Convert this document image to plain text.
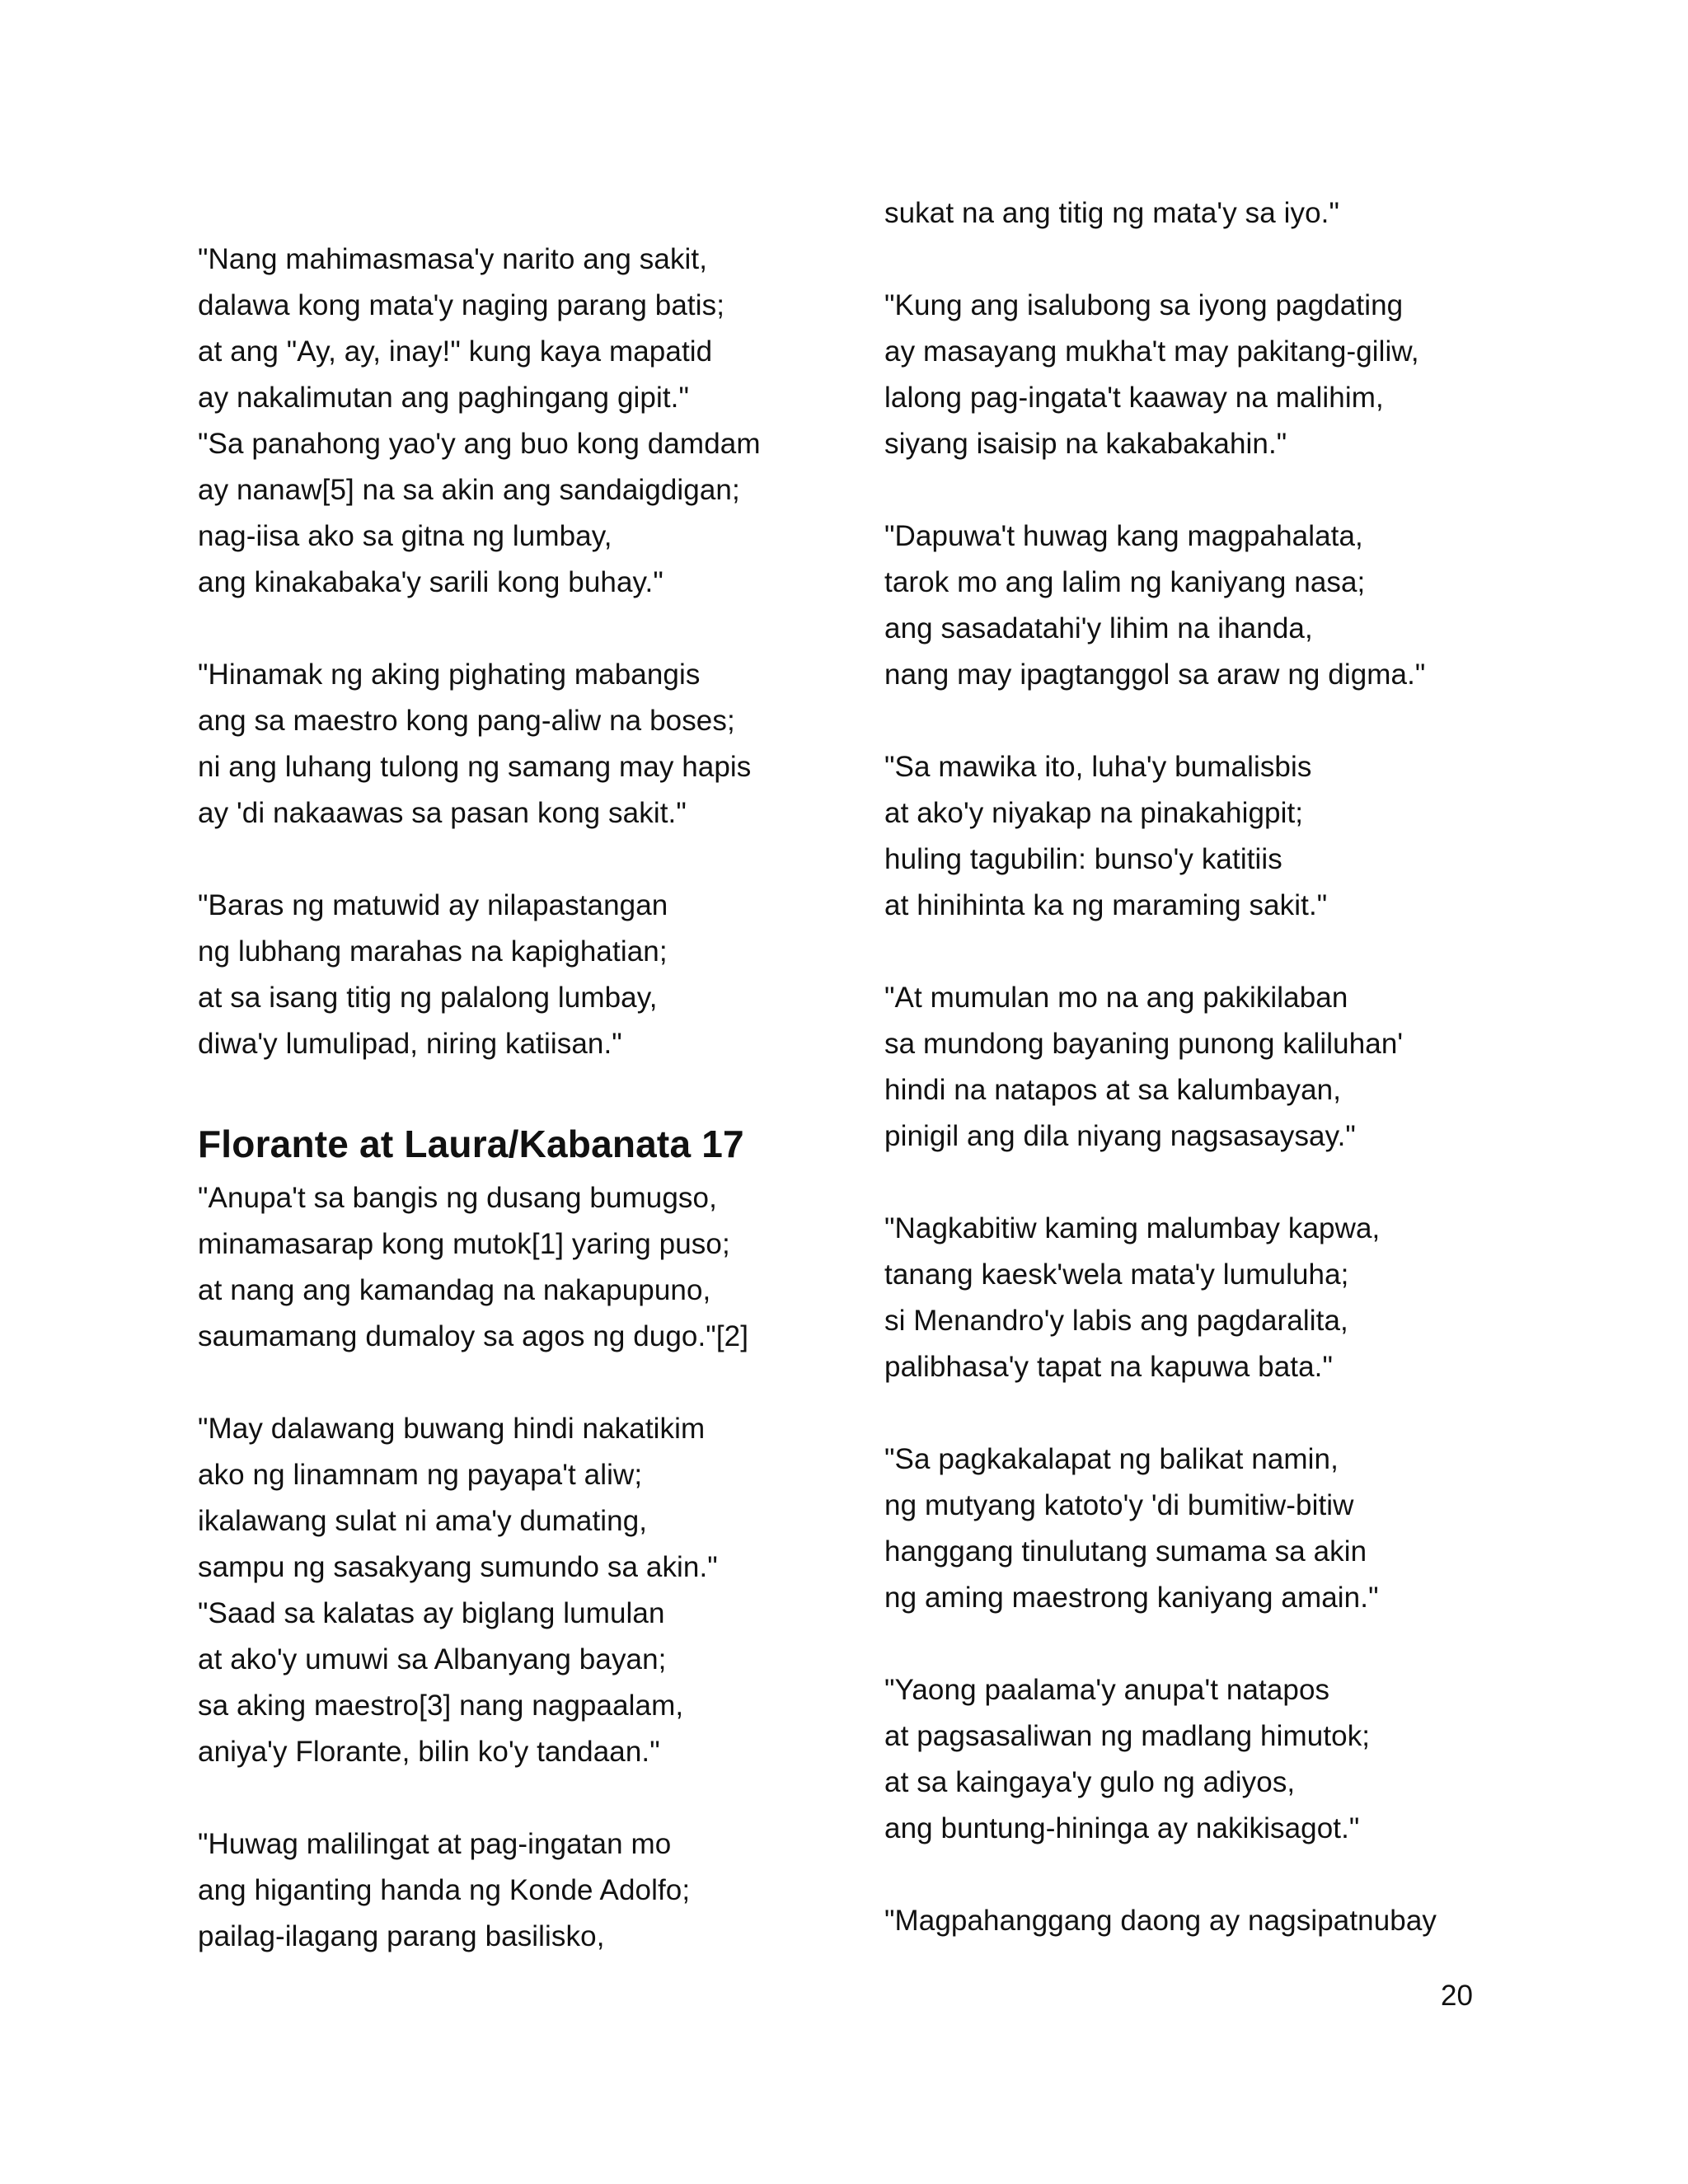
"Nang mahimasmasa'y narito ang sakit,
dalawa kong mata'y naging parang batis;
at ang "Ay, ay, inay!" kung kaya mapatid
ay nakalimutan ang paghingang gipit."
"Sa panahong yao'y ang buo kong damdam
ay nanaw[5] na sa akin ang sandaigdigan;
nag-iisa ako sa gitna ng lumbay,
ang kinakabaka'y sarili kong buhay."
"Hinamak ng aking pighating mabangis
ang sa maestro kong pang-aliw na boses;
ni ang luhang tulong ng samang may hapis
ay 'di nakaawas sa pasan kong sakit."
"Baras ng matuwid ay nilapastangan
ng lubhang marahas na kapighatian;
at sa isang titig ng palalong lumbay,
diwa'y lumulipad, niring katiisan."
Florante at Laura/Kabanata 17
"Anupa't sa bangis ng dusang bumugso,
minamasarap kong mutok[1] yaring puso;
at nang ang kamandag na nakapupuno,
saumamang dumaloy sa agos ng dugo."[2]
"May dalawang buwang hindi nakatikim
ako ng linamnam ng payapa't aliw;
ikalawang sulat ni ama'y dumating,
sampu ng sasakyang sumundo sa akin."
"Saad sa kalatas ay biglang lumulan
at ako'y umuwi sa Albanyang bayan;
sa aking maestro[3] nang nagpaalam,
aniya'y Florante, bilin ko'y tandaan."
"Huwag malilingat at pag-ingatan mo
ang higanting handa ng Konde Adolfo;
pailag-ilagang parang basilisko,
sukat na ang titig ng mata'y sa iyo."
"Kung ang isalubong sa iyong pagdating
ay masayang mukha't may pakitang-giliw,
lalong pag-ingata't kaaway na malihim,
siyang isaisip na kakabakahin."
"Dapuwa't huwag kang magpahalata,
tarok mo ang lalim ng kaniyang nasa;
ang sasadatahi'y lihim na ihanda,
nang may ipagtanggol sa araw ng digma."
"Sa mawika ito, luha'y bumalisbis
at ako'y niyakap na pinakahigpit;
huling tagubilin: bunso'y katitiis
at hinihinta ka ng maraming sakit."
"At mumulan mo na ang pakikilaban
sa mundong bayaning punong kaliluhan'
hindi na natapos at sa kalumbayan,
pinigil ang dila niyang nagsasaysay."
"Nagkabitiw kaming malumbay kapwa,
tanang kaesk'wela mata'y lumuluha;
si Menandro'y labis ang pagdaralita,
palibhasa'y tapat na kapuwa bata."
"Sa pagkakalapat ng balikat namin,
ng mutyang katoto'y 'di bumitiw-bitiw
hanggang tinulutang sumama sa akin
ng aming maestrong kaniyang amain."
"Yaong paalama'y anupa't natapos
at pagsasaliwan ng madlang himutok;
at sa kaingaya'y gulo ng adiyos,
ang buntung-hininga ay nakikisagot."
"Magpahanggang daong ay nagsipatnubay
20
